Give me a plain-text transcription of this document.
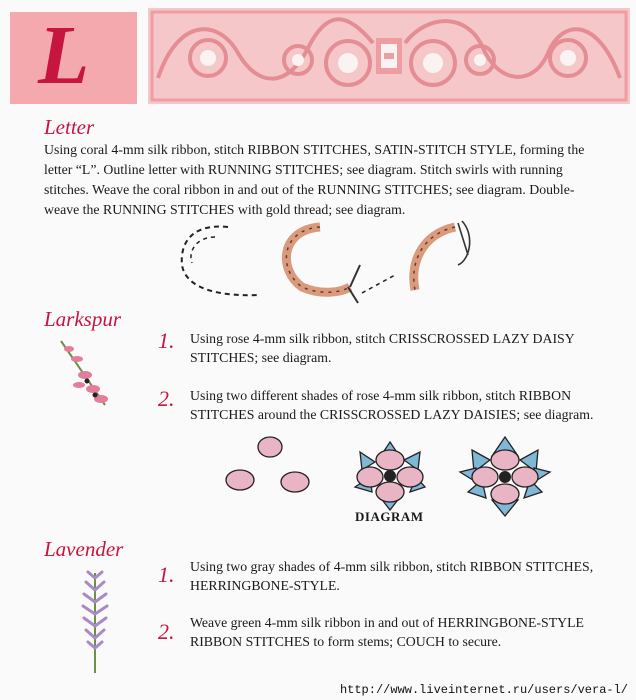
L
Letter
Using coral 4-mm silk ribbon, stitch RIBBON STITCHES, SATIN-STITCH STYLE, forming the letter “L”. Outline letter with RUNNING STITCHES; see diagram. Stitch swirls with running stitches. Weave the coral ribbon in and out of the RUNNING STITCHES; see diagram. Double-weave the RUNNING STITCHES with gold thread; see diagram.
Larkspur
1. Using rose 4-mm silk ribbon, stitch CRISSCROSSED LAZY DAISY STITCHES; see diagram.
2. Using two different shades of rose 4-mm silk ribbon, stitch RIBBON STITCHES around the CRISSCROSSED LAZY DAISIES; see diagram.
DIAGRAM
Lavender
1. Using two gray shades of 4-mm silk ribbon, stitch RIBBON STITCHES, HERRINGBONE-STYLE.
2. Weave green 4-mm silk ribbon in and out of HERRINGBONE-STYLE RIBBON STITCHES to form stems; COUCH to secure.
http://www.liveinternet.ru/users/vera-l/
